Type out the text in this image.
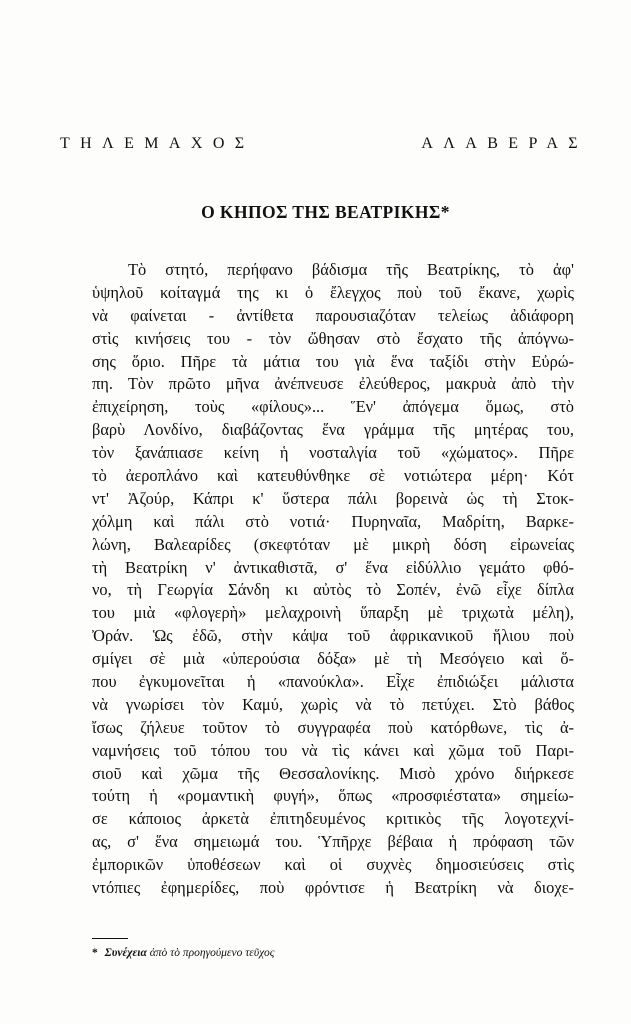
ΤΗΛΕΜΑΧΟΣ	ΑΛΑΒΕΡΑΣ
Ο ΚΗΠΟΣ ΤΗΣ ΒΕΑΤΡΙΚΗΣ*
Τὸ στητό, περήφανο βάδισμα τῆς Βεατρίκης, τὸ ἀφ'
ὑψηλοῦ κοίταγμά της κι ὁ ἔλεγχος ποὺ τοῦ ἔκανε, χωρὶς
νὰ φαίνεται - ἀντίθετα παρουσιαζόταν τελείως ἀδιάφορη
στὶς κινήσεις του - τὸν ὤθησαν στὸ ἔσχατο τῆς ἀπόγνω-
σης ὅριο. Πῆρε τὰ μάτια του γιὰ ἕνα ταξίδι στὴν Εὐρώ-
πη. Τὸν πρῶτο μῆνα ἀνέπνευσε ἐλεύθερος, μακρυὰ ἀπὸ τὴν
ἐπιχείρηση, τοὺς «φίλους»... Ἕν' ἀπόγεμα ὅμως, στὸ
βαρὺ Λονδίνο, διαβάζοντας ἕνα γράμμα τῆς μητέρας του,
τὸν ξανάπιασε κείνη ἡ νοσταλγία τοῦ «χώματος». Πῆρε
τὸ ἀεροπλάνο καὶ κατευθύνθηκε σὲ νοτιώτερα μέρη· Κότ
ντ' Ἀζούρ, Κάπρι κ' ὕστερα πάλι βορεινὰ ὡς τὴ Στοκ-
χόλμη καὶ πάλι στὸ νοτιά· Πυρηναῖα, Μαδρίτη, Βαρκε-
λώνη, Βαλεαρίδες (σκεφτόταν μὲ μικρὴ δόση εἰρωνείας
τὴ Βεατρίκη ν' ἀντικαθιστᾶ, σ' ἕνα εἰδύλλιο γεμάτο φθό-
νο, τὴ Γεωργία Σάνδη κι αὐτὸς τὸ Σοπέν, ἐνῶ εἶχε δίπλα
του μιὰ «φλογερὴ» μελαχροινὴ ὕπαρξη μὲ τριχωτὰ μέλη),
Ὀράν. Ὡς ἐδῶ, στὴν κάψα τοῦ ἀφρικανικοῦ ἥλιου ποὺ
σμίγει σὲ μιὰ «ὑπερούσια δόξα» μὲ τὴ Μεσόγειο καὶ ὅ-
που ἐγκυμονεῖται ἡ «πανούκλα». Εἶχε ἐπιδιώξει μάλιστα
νὰ γνωρίσει τὸν Καμύ, χωρὶς νὰ τὸ πετύχει. Στὸ βάθος
ἴσως ζήλευε τοῦτον τὸ συγγραφέα ποὺ κατόρθωνε, τὶς ἀ-
ναμνήσεις τοῦ τόπου του νὰ τὶς κάνει καὶ χῶμα τοῦ Παρι-
σιοῦ καὶ χῶμα τῆς Θεσσαλονίκης. Μισὸ χρόνο διήρκεσε
τούτη ἡ «ρομαντικὴ φυγή», ὅπως «προσφιέστατα» σημείω-
σε κάποιος ἀρκετὰ ἐπιτηδευμένος κριτικὸς τῆς λογοτεχνί-
ας, σ' ἕνα σημειωμά του. Ὑπῆρχε βέβαια ἡ πρόφαση τῶν
ἐμπορικῶν ὑποθέσεων καὶ οἱ συχνὲς δημοσιεύσεις στὶς
ντόπιες ἐφημερίδες, ποὺ φρόντισε ἡ Βεατρίκη νὰ διοχε-
* Συνέχεια ἀπὸ τὸ προηγούμενο τεῦχος
